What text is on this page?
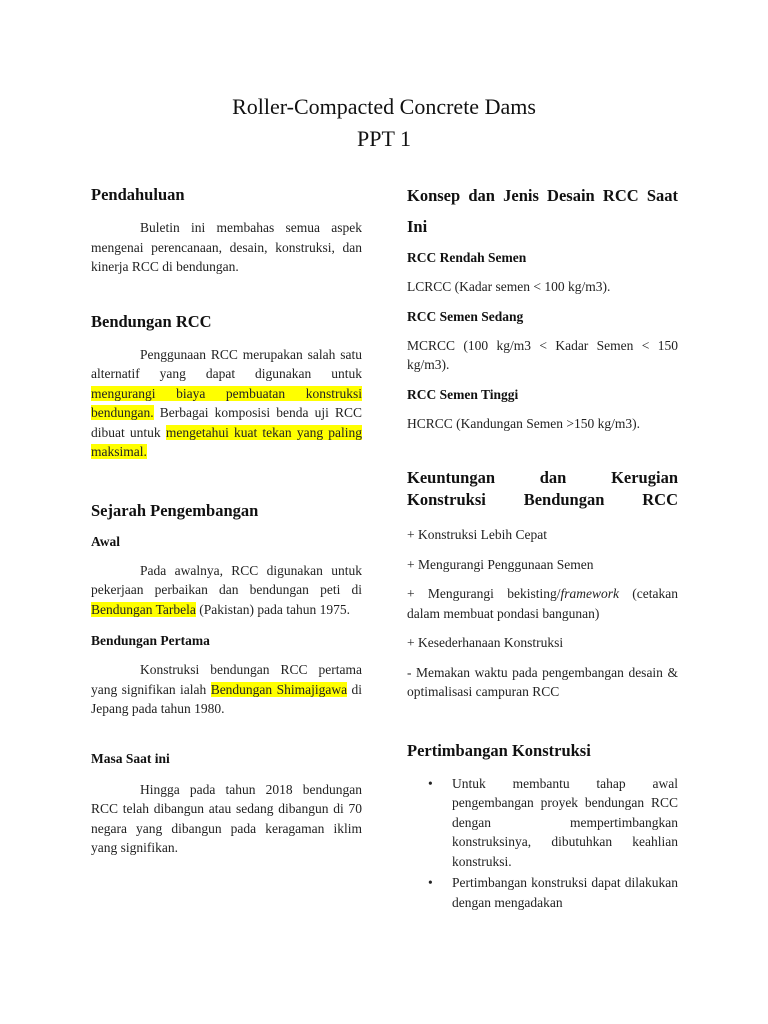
Roller-Compacted Concrete Dams
PPT 1
Pendahuluan

Buletin ini membahas semua aspek mengenai perencanaan, desain, konstruksi, dan kinerja RCC di bendungan.

Bendungan RCC

Penggunaan RCC merupakan salah satu alternatif yang dapat digunakan untuk mengurangi biaya pembuatan konstruksi bendungan. Berbagai komposisi benda uji RCC dibuat untuk mengetahui kuat tekan yang paling maksimal.

Sejarah Pengembangan
Awal

Pada awalnya, RCC digunakan untuk pekerjaan perbaikan dan bendungan peti di Bendungan Tarbela (Pakistan) pada tahun 1975.

Bendungan Pertama

Konstruksi bendungan RCC pertama yang signifikan ialah Bendungan Shimajigawa di Jepang pada tahun 1980.

Masa Saat ini

Hingga pada tahun 2018 bendungan RCC telah dibangun atau sedang dibangun di 70 negara yang dibangun pada keragaman iklim yang signifikan.

Konsep dan Jenis Desain RCC Saat Ini
RCC Rendah Semen

LCRCC (Kadar semen < 100 kg/m3).

RCC Semen Sedang

MCRCC (100 kg/m3 < Kadar Semen < 150 kg/m3).

RCC Semen Tinggi

HCRCC (Kandungan Semen >150 kg/m3).

Keuntungan dan Kerugian Konstruksi Bendungan RCC

+ Konstruksi Lebih Cepat

+ Mengurangi Penggunaan Semen

+ Mengurangi bekisting/framework (cetakan dalam membuat pondasi bangunan)

+ Kesederhanaan Konstruksi

- Memakan waktu pada pengembangan desain & optimalisasi campuran RCC

Pertimbangan Konstruksi
• Untuk membantu tahap awal pengembangan proyek bendungan RCC dengan mempertimbangkan konstruksinya, dibutuhkan keahlian konstruksi.
• Pertimbangan konstruksi dapat dilakukan dengan mengadakan
